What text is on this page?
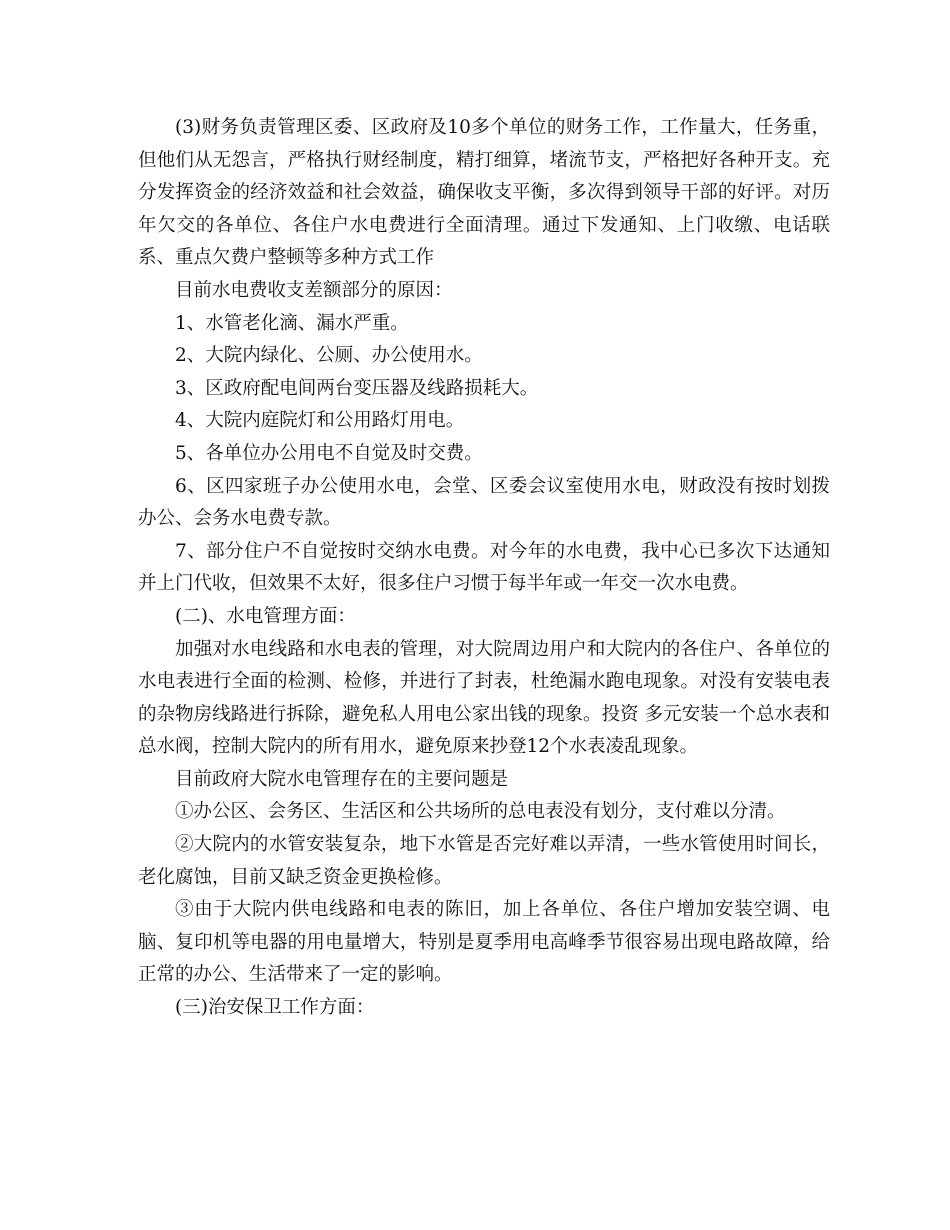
(3)财务负责管理区委、区政府及10多个单位的财务工作，工作量大，任务重，但他们从无怨言，严格执行财经制度，精打细算，堵流节支，严格把好各种开支。充分发挥资金的经济效益和社会效益，确保收支平衡，多次得到领导干部的好评。对历年欠交的各单位、各住户水电费进行全面清理。通过下发通知、上门收缴、电话联系、重点欠费户整顿等多种方式工作

目前水电费收支差额部分的原因：

1、水管老化滴、漏水严重。

2、大院内绿化、公厕、办公使用水。

3、区政府配电间两台变压器及线路损耗大。

4、大院内庭院灯和公用路灯用电。

5、各单位办公用电不自觉及时交费。

6、区四家班子办公使用水电，会堂、区委会议室使用水电，财政没有按时划拨办公、会务水电费专款。

7、部分住户不自觉按时交纳水电费。对今年的水电费，我中心已多次下达通知并上门代收，但效果不太好，很多住户习惯于每半年或一年交一次水电费。

(二)、水电管理方面：

加强对水电线路和水电表的管理，对大院周边用户和大院内的各住户、各单位的水电表进行全面的检测、检修，并进行了封表，杜绝漏水跑电现象。对没有安装电表的杂物房线路进行拆除，避免私人用电公家出钱的现象。投资 多元安装一个总水表和总水阀，控制大院内的所有用水，避免原来抄登12个水表凌乱现象。

目前政府大院水电管理存在的主要问题是

①办公区、会务区、生活区和公共场所的总电表没有划分，支付难以分清。

②大院内的水管安装复杂，地下水管是否完好难以弄清，一些水管使用时间长，老化腐蚀，目前又缺乏资金更换检修。

③由于大院内供电线路和电表的陈旧，加上各单位、各住户增加安装空调、电脑、复印机等电器的用电量增大，特别是夏季用电高峰季节很容易出现电路故障，给正常的办公、生活带来了一定的影响。

(三)治安保卫工作方面：
